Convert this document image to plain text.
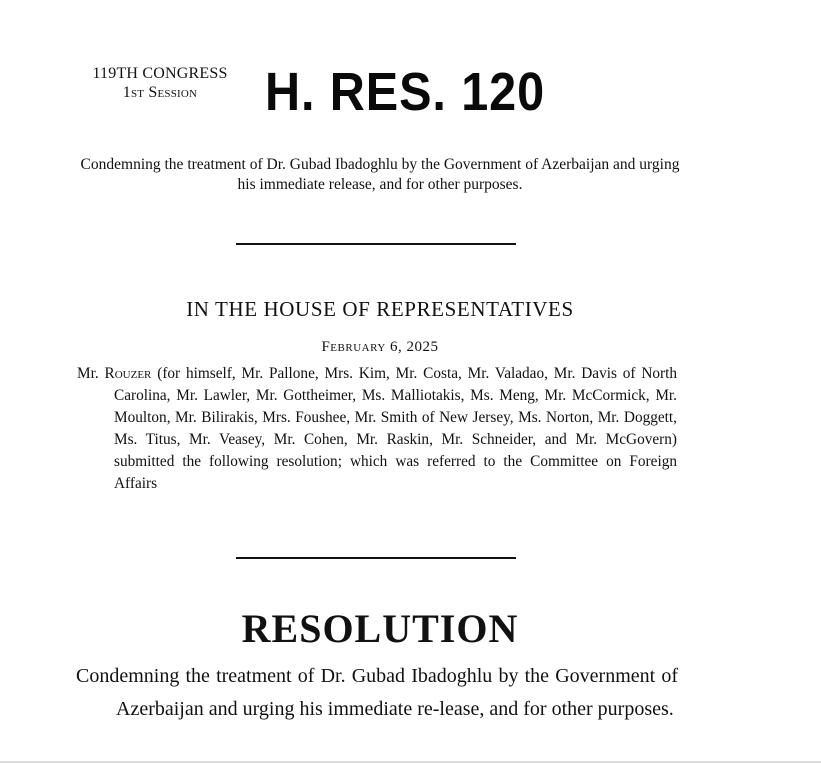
119TH CONGRESS
1st Session	H. RES. 120
Condemning the treatment of Dr. Gubad Ibadoghlu by the Government of Azerbaijan and urging his immediate release, and for other purposes.
IN THE HOUSE OF REPRESENTATIVES
February 6, 2025
Mr. Rouzer (for himself, Mr. Pallone, Mrs. Kim, Mr. Costa, Mr. Valadao, Mr. Davis of North Carolina, Mr. Lawler, Mr. Gottheimer, Ms. Malliotakis, Ms. Meng, Mr. McCormick, Mr. Moulton, Mr. Bilirakis, Mrs. Foushee, Mr. Smith of New Jersey, Ms. Norton, Mr. Doggett, Ms. Titus, Mr. Veasey, Mr. Cohen, Mr. Raskin, Mr. Schneider, and Mr. McGovern) submitted the following resolution; which was referred to the Committee on Foreign Affairs
RESOLUTION
Condemning the treatment of Dr. Gubad Ibadoghlu by the Government of Azerbaijan and urging his immediate re-lease, and for other purposes.
